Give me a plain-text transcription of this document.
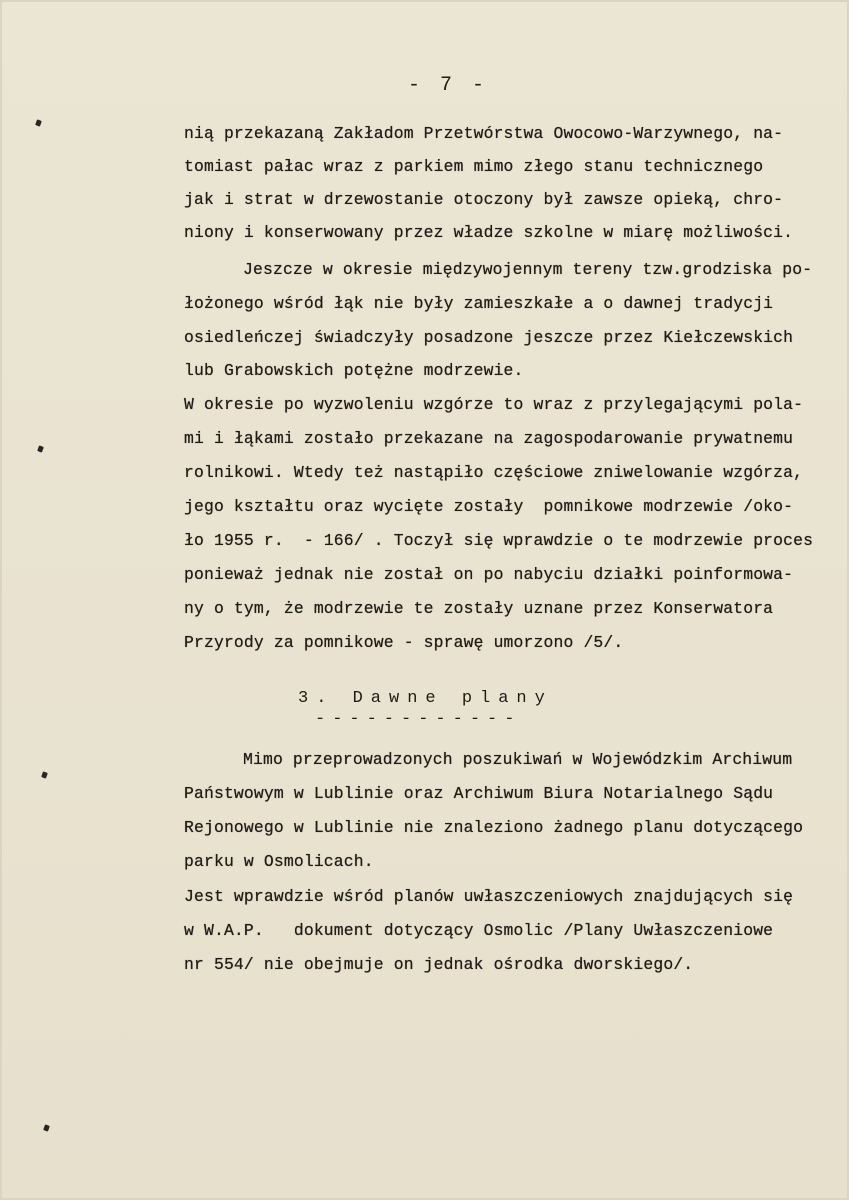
- 7 -
nią przekazaną Zakładom Przetwórstwa Owocowo-Warzywnego, na-
tomiast pałac wraz z parkiem mimo złego stanu technicznego
jak i strat w drzewostanie otoczony był zawsze opieką, chro-
niony i konserwowany przez władze szkolne w miarę możliwości.
Jeszcze w okresie międzywojennym tereny tzw.grodziska po-
łożonego wśród łąk nie były zamieszkałe a o dawnej tradycji
osiedleńczej świadczyły posadzone jeszcze przez Kiełczewskich
lub Grabowskich potężne modrzewie.
W okresie po wyzwoleniu wzgórze to wraz z przylegającymi pola-
mi i łąkami zostało przekazane na zagospodarowanie prywatnemu
rolnikowi. Wtedy też nastąpiło częściowe zniwelowanie wzgórza,
jego kształtu oraz wycięte zostały  pomnikowe modrzewie /oko-
ło 1955 r.  - 166/ . Toczył się wprawdzie o te modrzewie proces
ponieważ jednak nie został on po nabyciu działki poinformowa-
ny o tym, że modrzewie te zostały uznane przez Konserwatora
Przyrody za pomnikowe - sprawę umorzono /5/.
3. Dawne plany
------------
Mimo przeprowadzonych poszukiwań w Wojewódzkim Archiwum
Państwowym w Lublinie oraz Archiwum Biura Notarialnego Sądu
Rejonowego w Lublinie nie znaleziono żadnego planu dotyczącego
parku w Osmolicach.
Jest wprawdzie wśród planów uwłaszczeniowych znajdujących się
w W.A.P.   dokument dotyczący Osmolic /Plany Uwłaszczeniowe
nr 554/ nie obejmuje on jednak ośrodka dworskiego/.
